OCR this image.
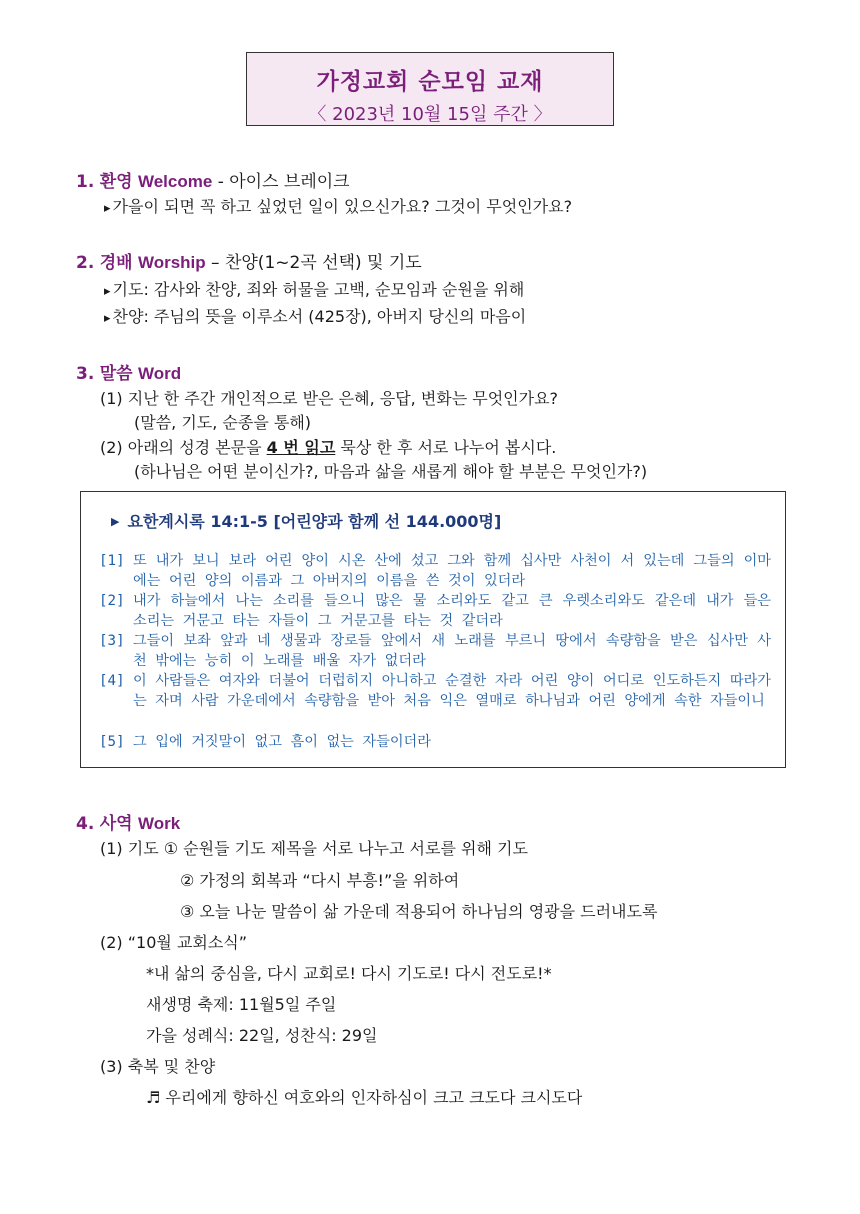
가정교회 순모임 교재
〈 2023년 10월 15일 주간 〉
1. 환영 Welcome - 아이스 브레이크
▸ 가을이 되면 꼭 하고 싶었던 일이 있으신가요? 그것이 무엇인가요?
2. 경배 Worship – 찬양(1~2곡 선택) 및 기도
▸ 기도: 감사와 찬양, 죄와 허물을 고백, 순모임과 순원을 위해
▸ 찬양: 주님의 뜻을 이루소서 (425장), 아버지 당신의 마음이
3. 말씀 Word
(1) 지난 한 주간 개인적으로 받은 은혜, 응답, 변화는 무엇인가요?
(말씀, 기도, 순종을 통해)
(2) 아래의 성경 본문을 4 번 읽고 묵상 한 후 서로 나누어 봅시다.
(하나님은 어떤 분이신가?, 마음과 삶을 새롭게 해야 할 부분은 무엇인가?)
▶ 요한계시록 14:1-5 [어린양과 함께 선 144.000명]
[1] 또 내가 보니 보라 어린 양이 시온 산에 섰고 그와 함께 십사만 사천이 서 있는데 그들의 이마에는 어린 양의 이름과 그 아버지의 이름을 쓴 것이 있더라
[2] 내가 하늘에서 나는 소리를 들으니 많은 물 소리와도 같고 큰 우렛소리와도 같은데 내가 들은 소리는 거문고 타는 자들이 그 거문고를 타는 것 같더라
[3] 그들이 보좌 앞과 네 생물과 장로들 앞에서 새 노래를 부르니 땅에서 속량함을 받은 십사만 사천 밖에는 능히 이 노래를 배울 자가 없더라
[4] 이 사람들은 여자와 더불어 더럽히지 아니하고 순결한 자라 어린 양이 어디로 인도하든지 따라가는 자며 사람 가운데에서 속량함을 받아 처음 익은 열매로 하나님과 어린 양에게 속한 자들이니
[5] 그 입에 거짓말이 없고 흠이 없는 자들이더라
4. 사역 Work
(1) 기도 ① 순원들 기도 제목을 서로 나누고 서로를 위해 기도
② 가정의 회복과 “다시 부흥!”을 위하여
③ 오늘 나눈 말씀이 삶 가운데 적용되어 하나님의 영광을 드러내도록
(2) “10월 교회소식”
*내 삶의 중심을, 다시 교회로! 다시 기도로! 다시 전도로!*
새생명 축제: 11월5일 주일
가을 성례식: 22일, 성찬식: 29일
(3) 축복 및 찬양
♬ 우리에게 향하신 여호와의 인자하심이 크고 크도다 크시도다
